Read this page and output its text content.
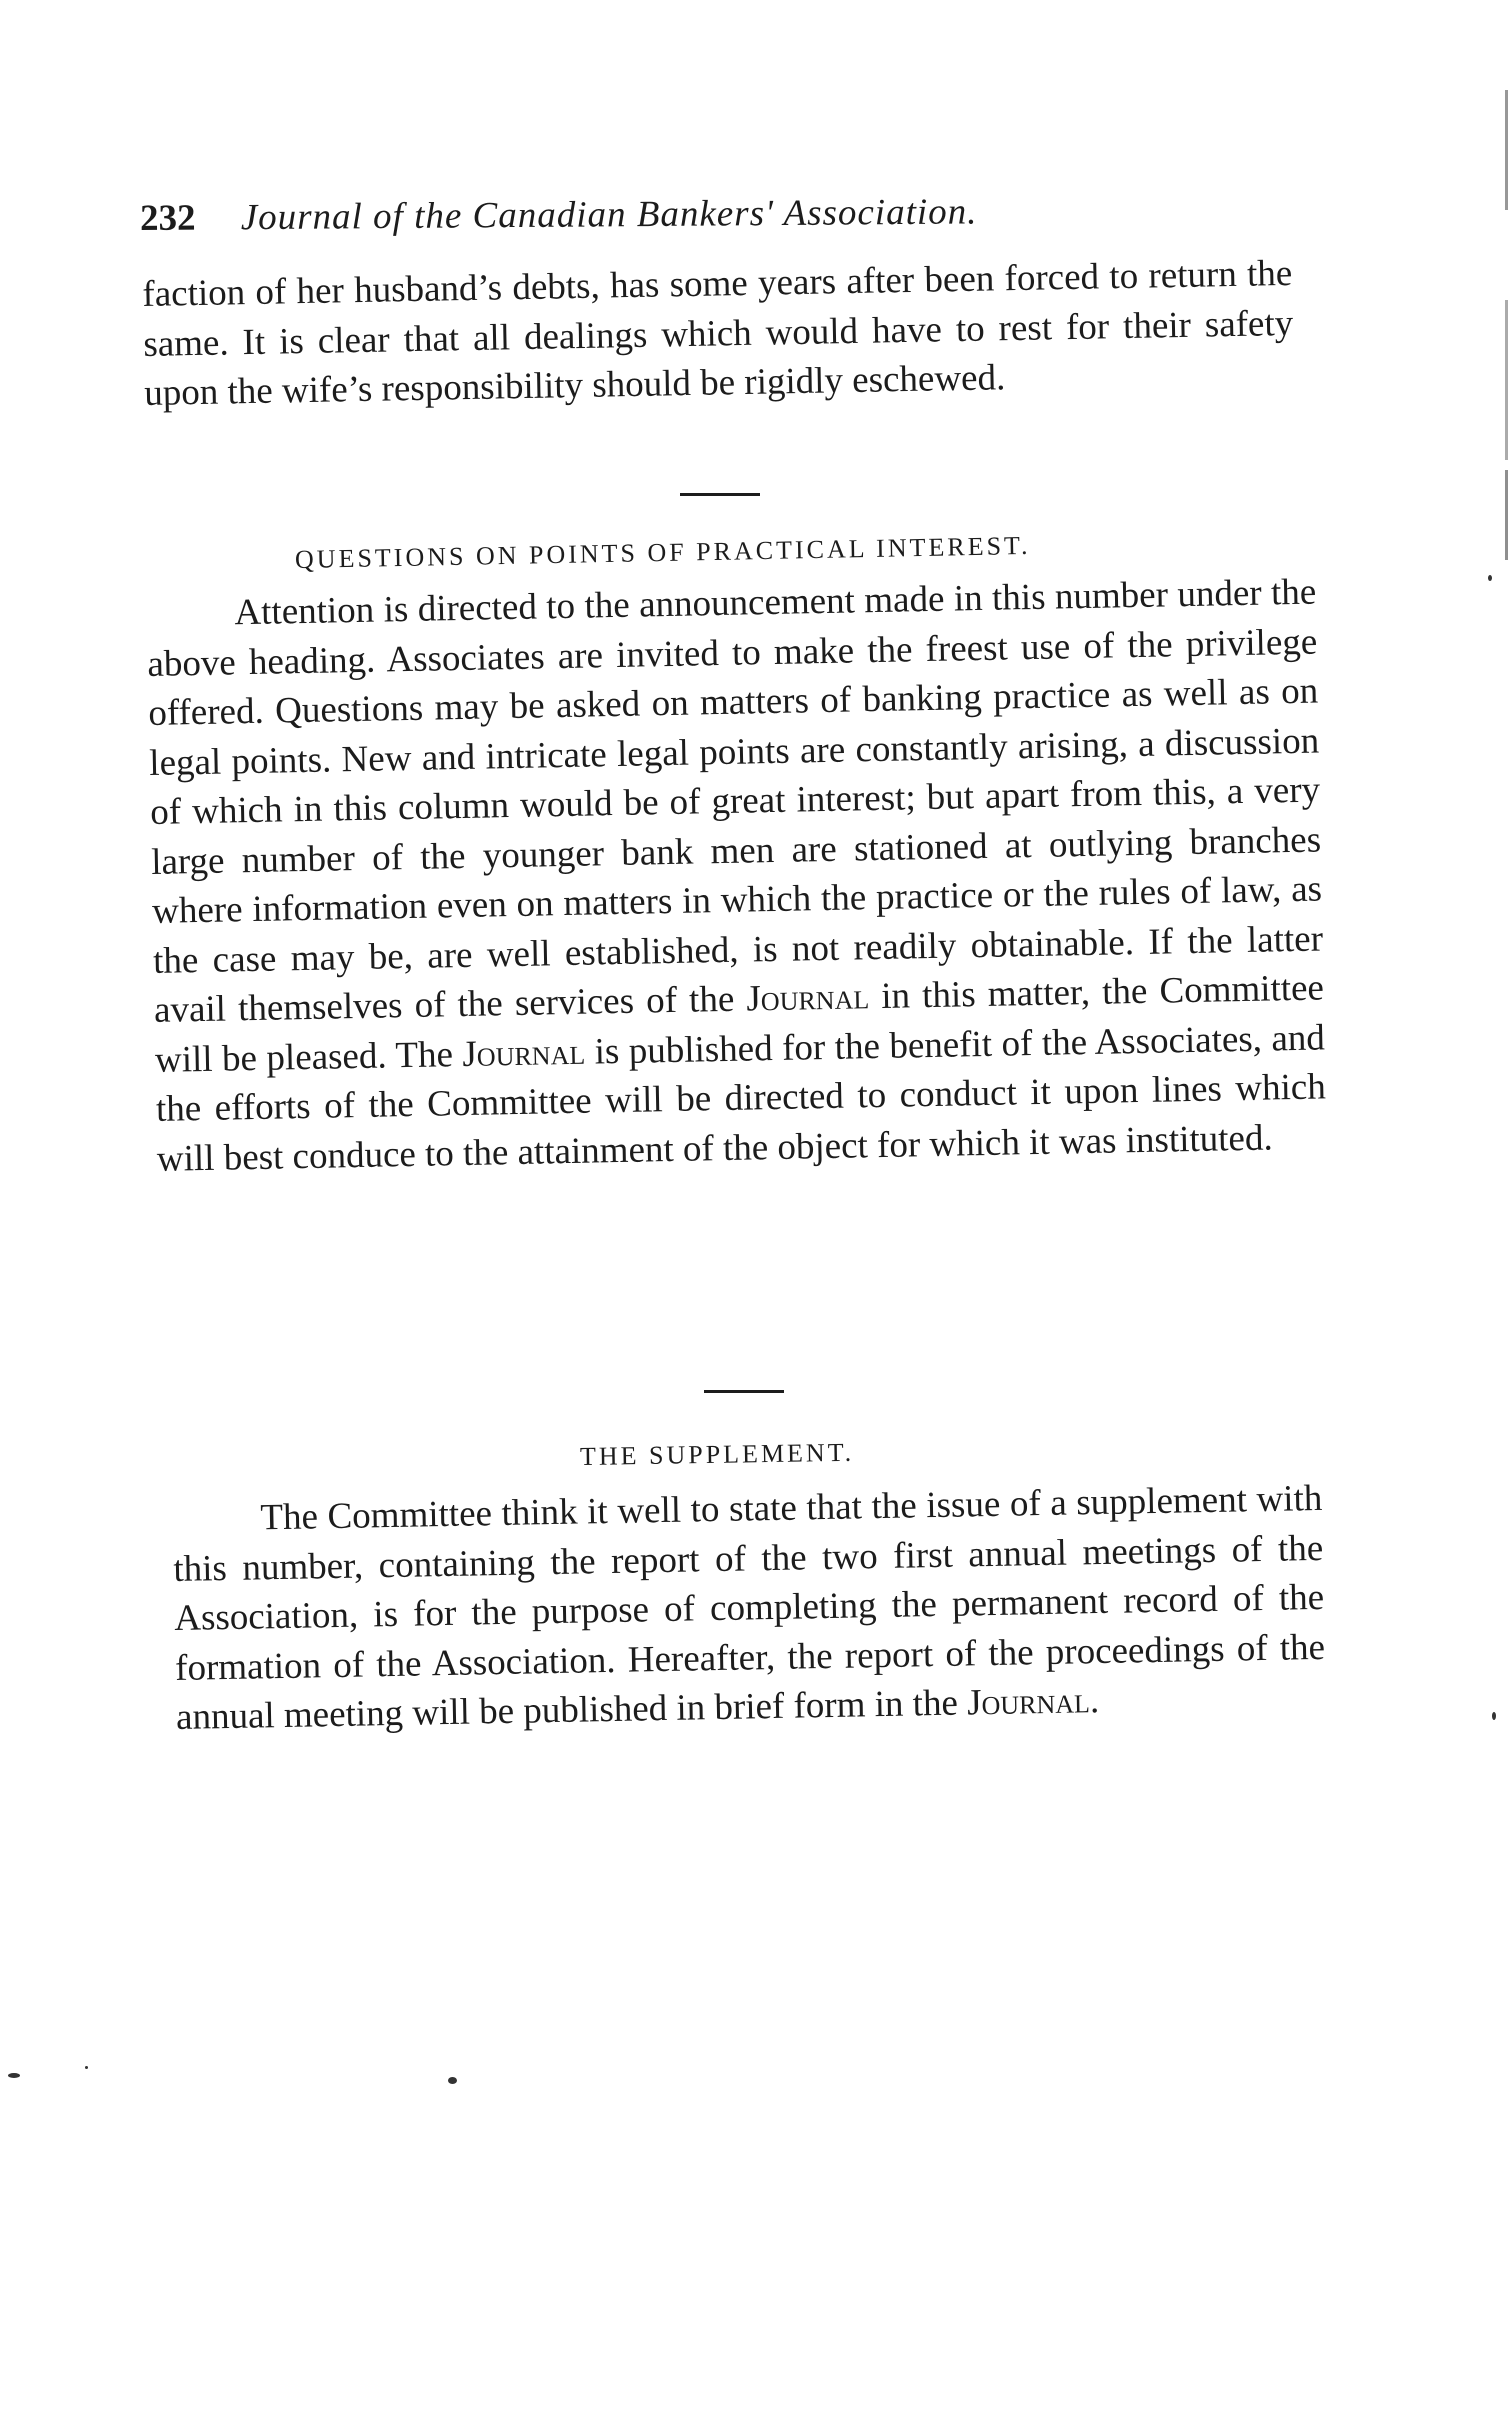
232 Journal of the Canadian Bankers' Association.

faction of her husband’s debts, has some years after been forced to return the same. It is clear that all dealings which would have to rest for their safety upon the wife’s responsibility should be rigidly eschewed.

QUESTIONS ON POINTS OF PRACTICAL INTEREST.

Attention is directed to the announcement made in this number under the above heading. Associates are invited to make the freest use of the privilege offered. Questions may be asked on matters of banking practice as well as on legal points. New and intricate legal points are constantly arising, a discussion of which in this column would be of great interest; but apart from this, a very large number of the younger bank men are stationed at outlying branches where information even on matters in which the practice or the rules of law, as the case may be, are well established, is not readily obtainable. If the latter avail themselves of the services of the Journal in this matter, the Committee will be pleased. The Journal is published for the benefit of the Associates, and the efforts of the Committee will be directed to conduct it upon lines which will best conduce to the attainment of the object for which it was instituted.

THE SUPPLEMENT.

The Committee think it well to state that the issue of a supplement with this number, containing the report of the two first annual meetings of the Association, is for the purpose of completing the permanent record of the formation of the Association. Hereafter, the report of the proceedings of the annual meeting will be published in brief form in the Journal.
